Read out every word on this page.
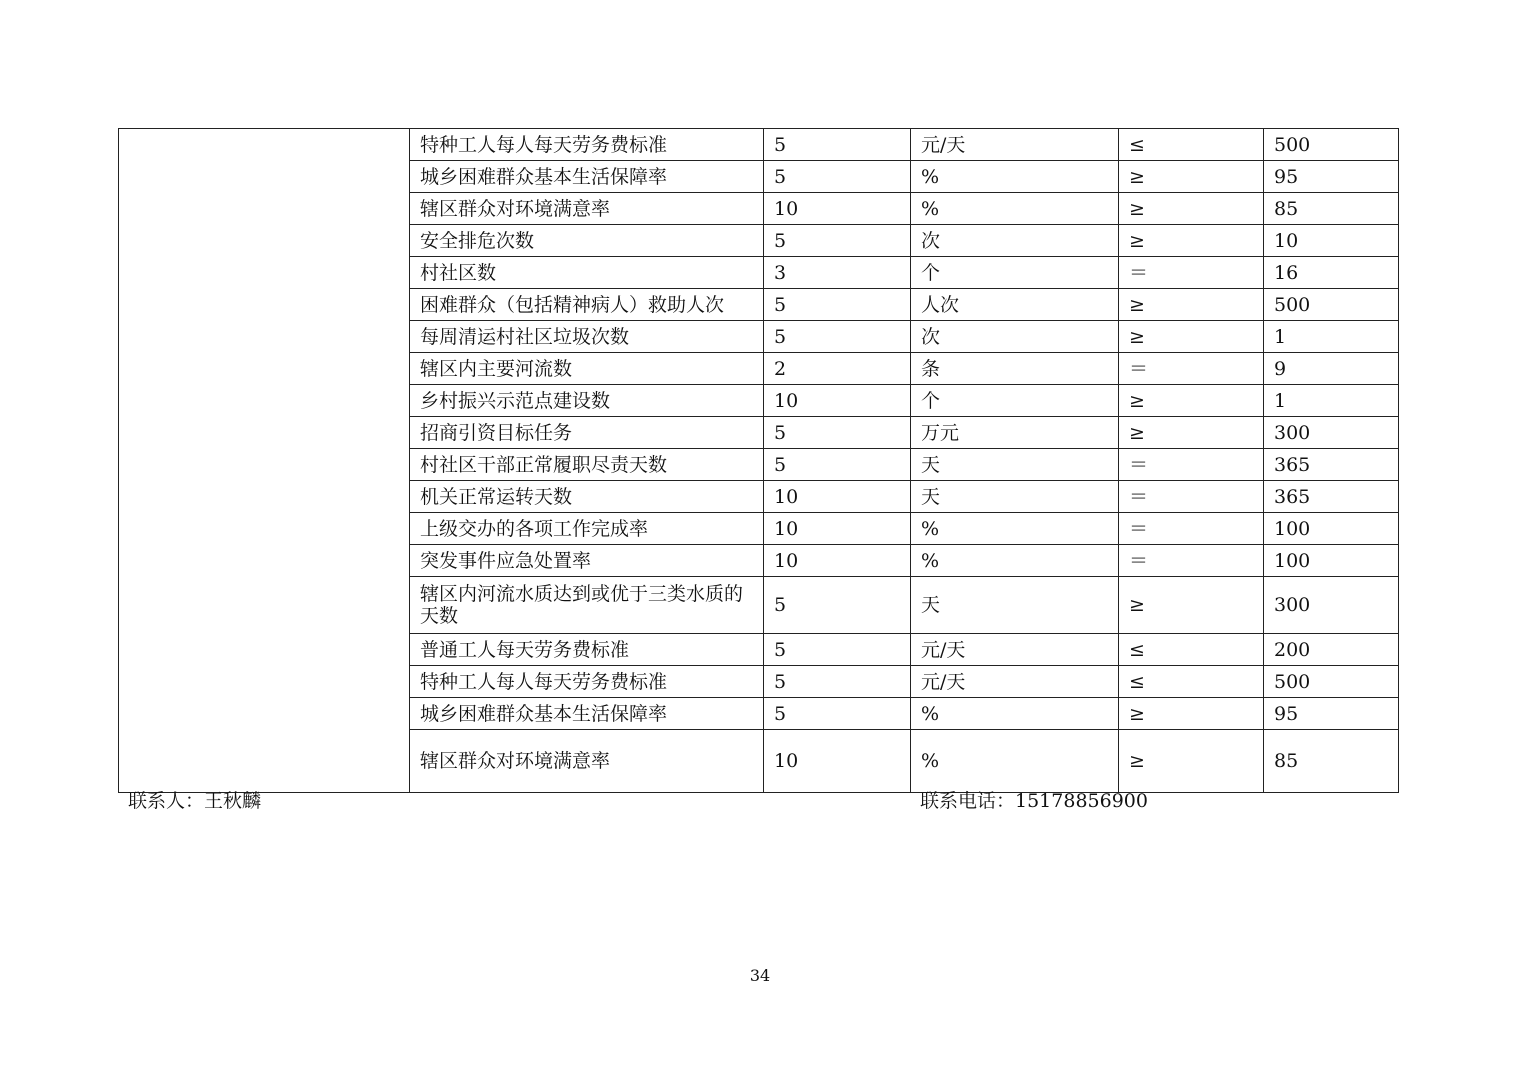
	特种工人每人每天劳务费标准	5	元/天	≤	500
	城乡困难群众基本生活保障率	5	%	≥	95
	辖区群众对环境满意率	10	%	≥	85
	安全排危次数	5	次	≥	10
	村社区数	3	个	＝	16
	困难群众（包括精神病人）救助人次	5	人次	≥	500
	每周清运村社区垃圾次数	5	次	≥	1
	辖区内主要河流数	2	条	＝	9
	乡村振兴示范点建设数	10	个	≥	1
	招商引资目标任务	5	万元	≥	300
	村社区干部正常履职尽责天数	5	天	＝	365
	机关正常运转天数	10	天	＝	365
	上级交办的各项工作完成率	10	%	＝	100
	突发事件应急处置率	10	%	＝	100
	辖区内河流水质达到或优于三类水质的天数	5	天	≥	300
	普通工人每天劳务费标准	5	元/天	≤	200
	特种工人每人每天劳务费标准	5	元/天	≤	500
	城乡困难群众基本生活保障率	5	%	≥	95
	辖区群众对环境满意率	10	%	≥	85
联系人：王秋麟	联系电话：15178856900
34
